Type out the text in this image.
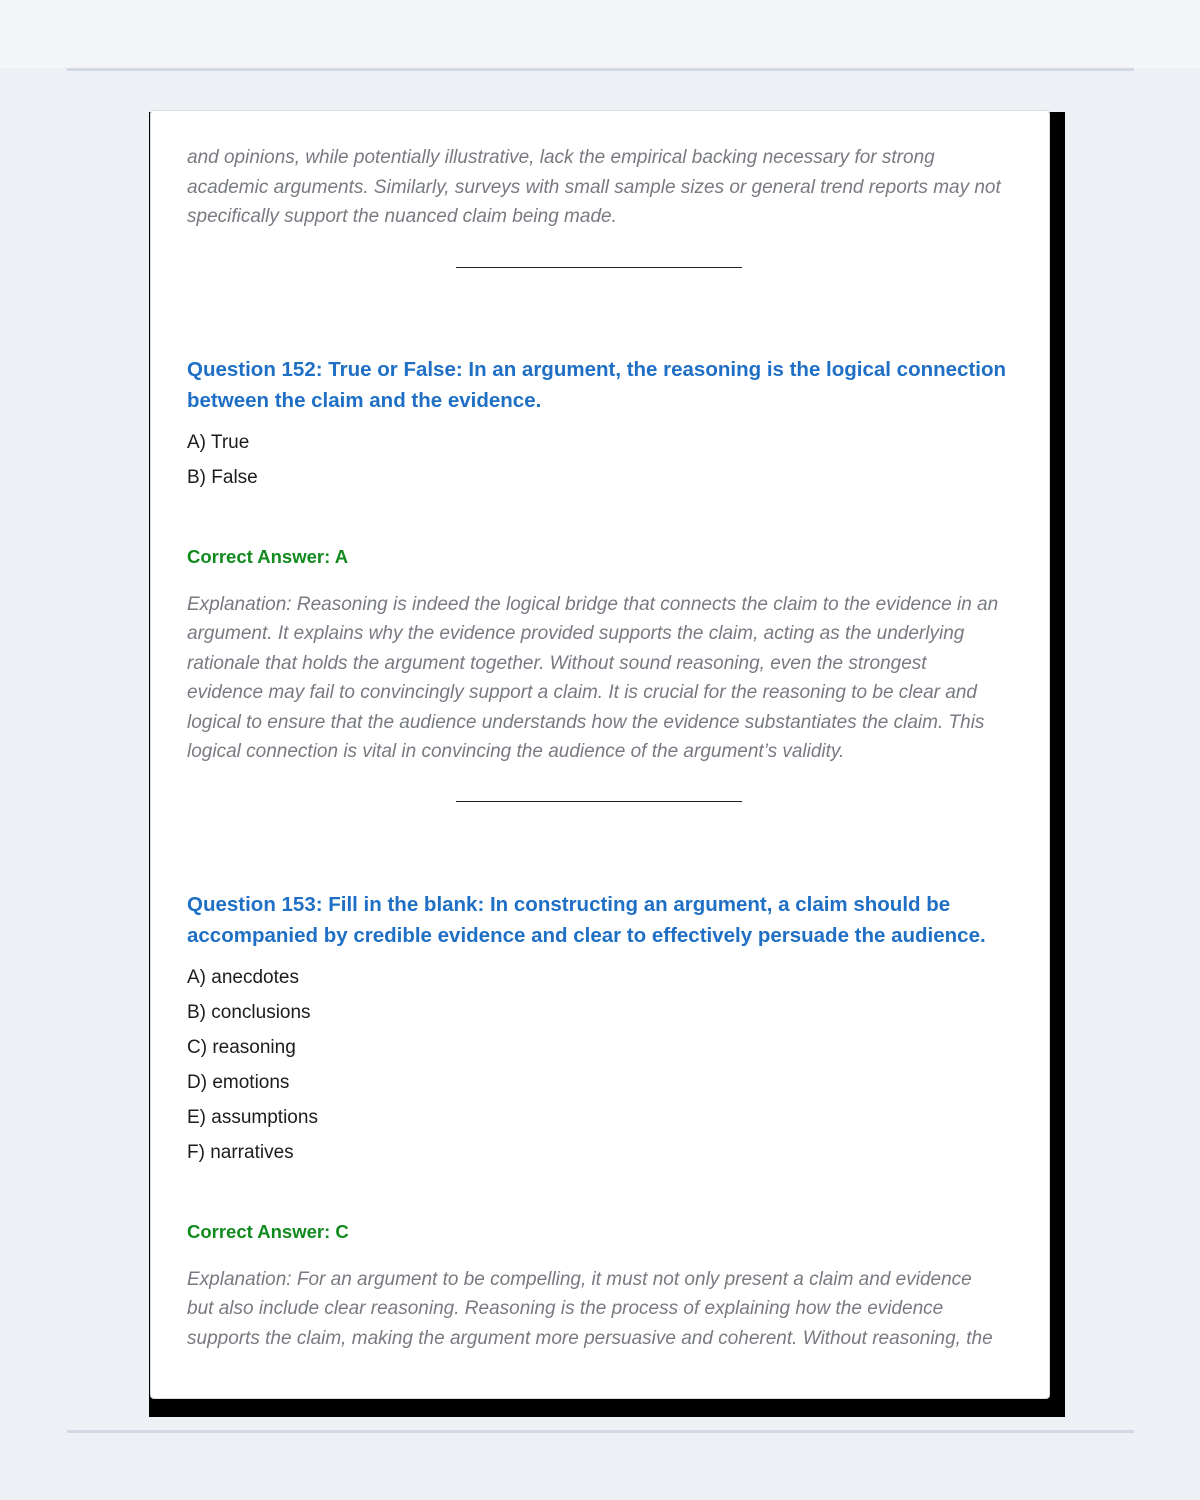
and opinions, while potentially illustrative, lack the empirical backing necessary for strong
academic arguments. Similarly, surveys with small sample sizes or general trend reports may not
specifically support the nuanced claim being made.

Question 152: True or False: In an argument, the reasoning is the logical connection
between the claim and the evidence.

A) True
B) False

Correct Answer: A

Explanation: Reasoning is indeed the logical bridge that connects the claim to the evidence in an
argument. It explains why the evidence provided supports the claim, acting as the underlying
rationale that holds the argument together. Without sound reasoning, even the strongest
evidence may fail to convincingly support a claim. It is crucial for the reasoning to be clear and
logical to ensure that the audience understands how the evidence substantiates the claim. This
logical connection is vital in convincing the audience of the argument’s validity.

Question 153: Fill in the blank: In constructing an argument, a claim should be
accompanied by credible evidence and clear to effectively persuade the audience.

A) anecdotes
B) conclusions
C) reasoning
D) emotions
E) assumptions
F) narratives

Correct Answer: C

Explanation: For an argument to be compelling, it must not only present a claim and evidence
but also include clear reasoning. Reasoning is the process of explaining how the evidence
supports the claim, making the argument more persuasive and coherent. Without reasoning, the
